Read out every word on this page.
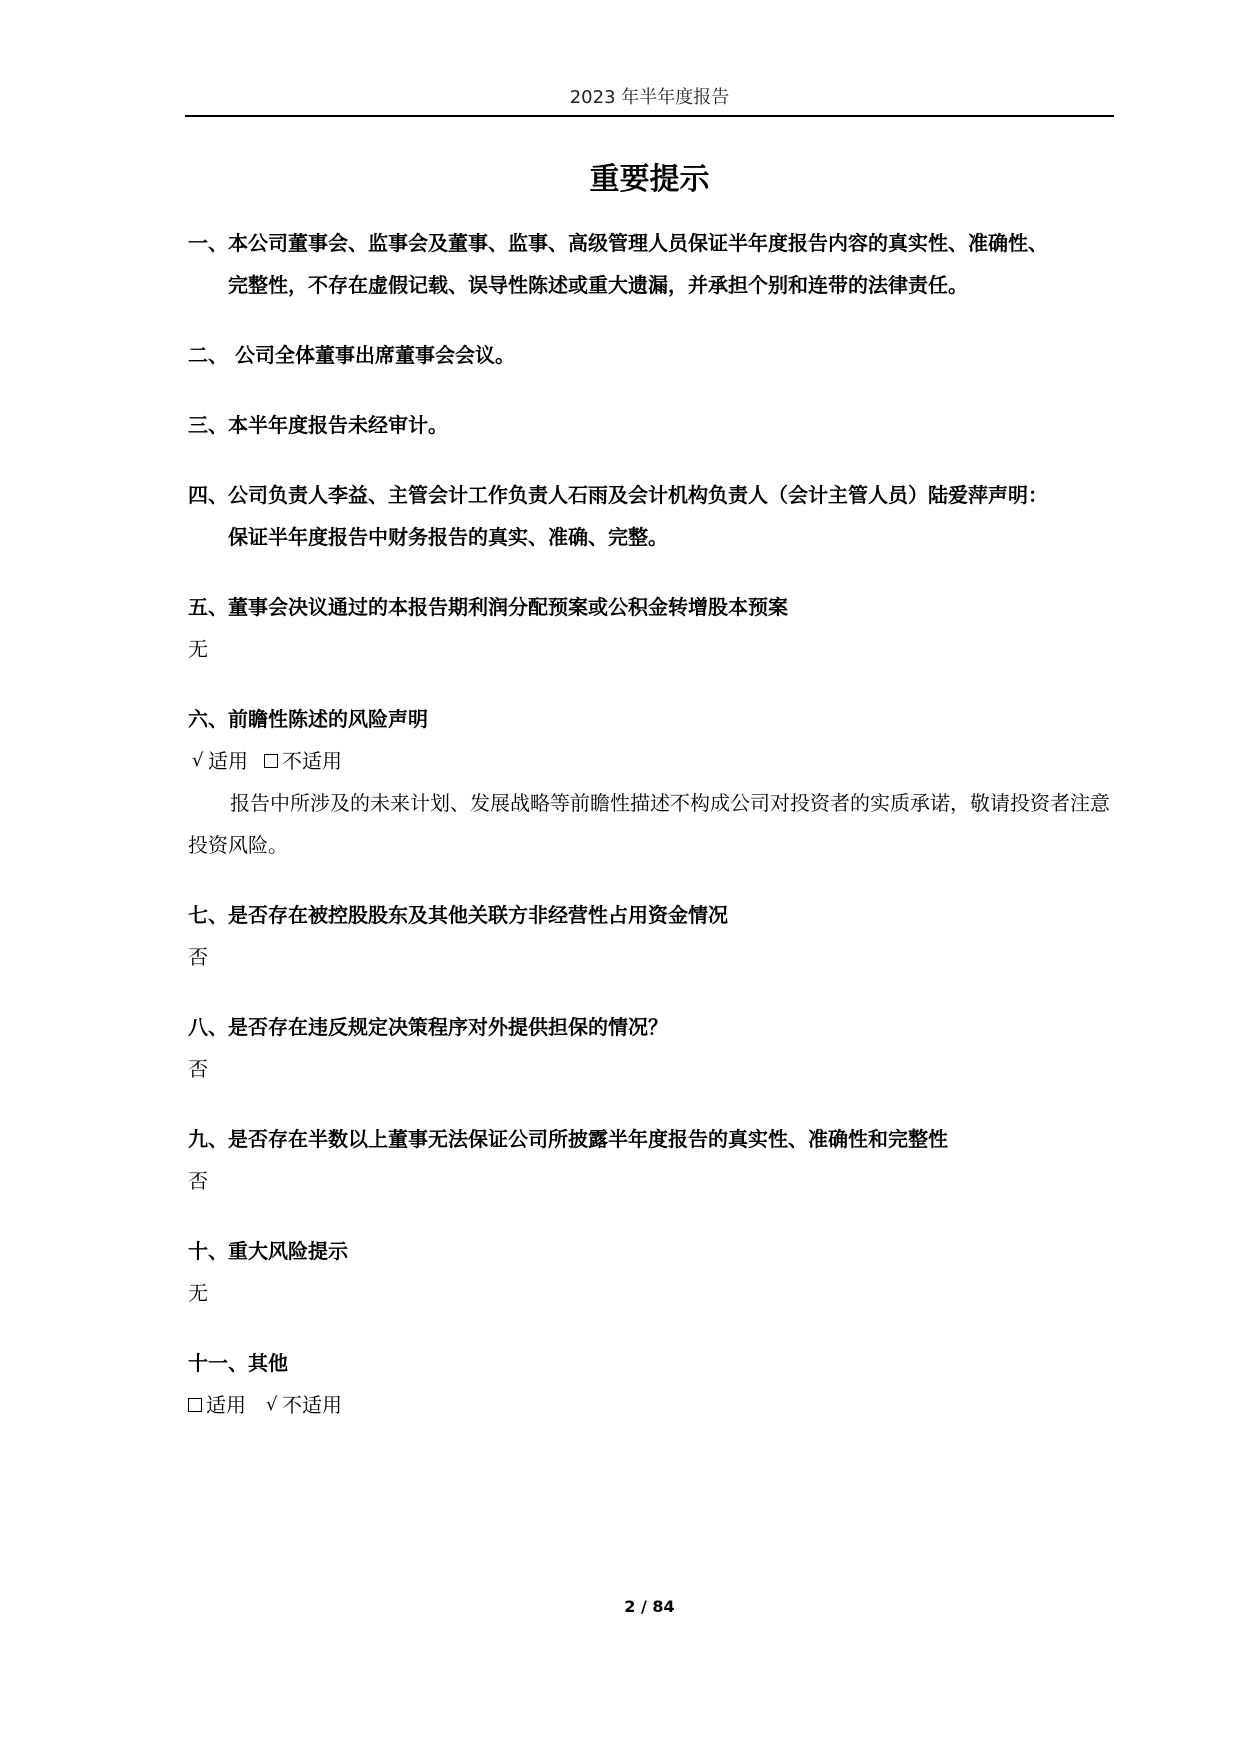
2023 年半年度报告
重要提示

一、本公司董事会、监事会及董事、监事、高级管理人员保证半年度报告内容的真实性、准确性、
完整性，不存在虚假记载、误导性陈述或重大遗漏，并承担个别和连带的法律责任。

二、 公司全体董事出席董事会会议。

三、本半年度报告未经审计。

四、公司负责人李益、主管会计工作负责人石雨及会计机构负责人（会计主管人员）陆爱萍声明：
保证半年度报告中财务报告的真实、准确、完整。

五、董事会决议通过的本报告期利润分配预案或公积金转增股本预案

无

六、前瞻性陈述的风险声明

√ 适用 不适用

报告中所涉及的未来计划、发展战略等前瞻性描述不构成公司对投资者的实质承诺，敬请投资者注意投资风险。

七、是否存在被控股股东及其他关联方非经营性占用资金情况

否

八、是否存在违反规定决策程序对外提供担保的情况？

否

九、是否存在半数以上董事无法保证公司所披露半年度报告的真实性、准确性和完整性

否

十、重大风险提示

无

十一、其他

适用 √ 不适用
2 / 84
